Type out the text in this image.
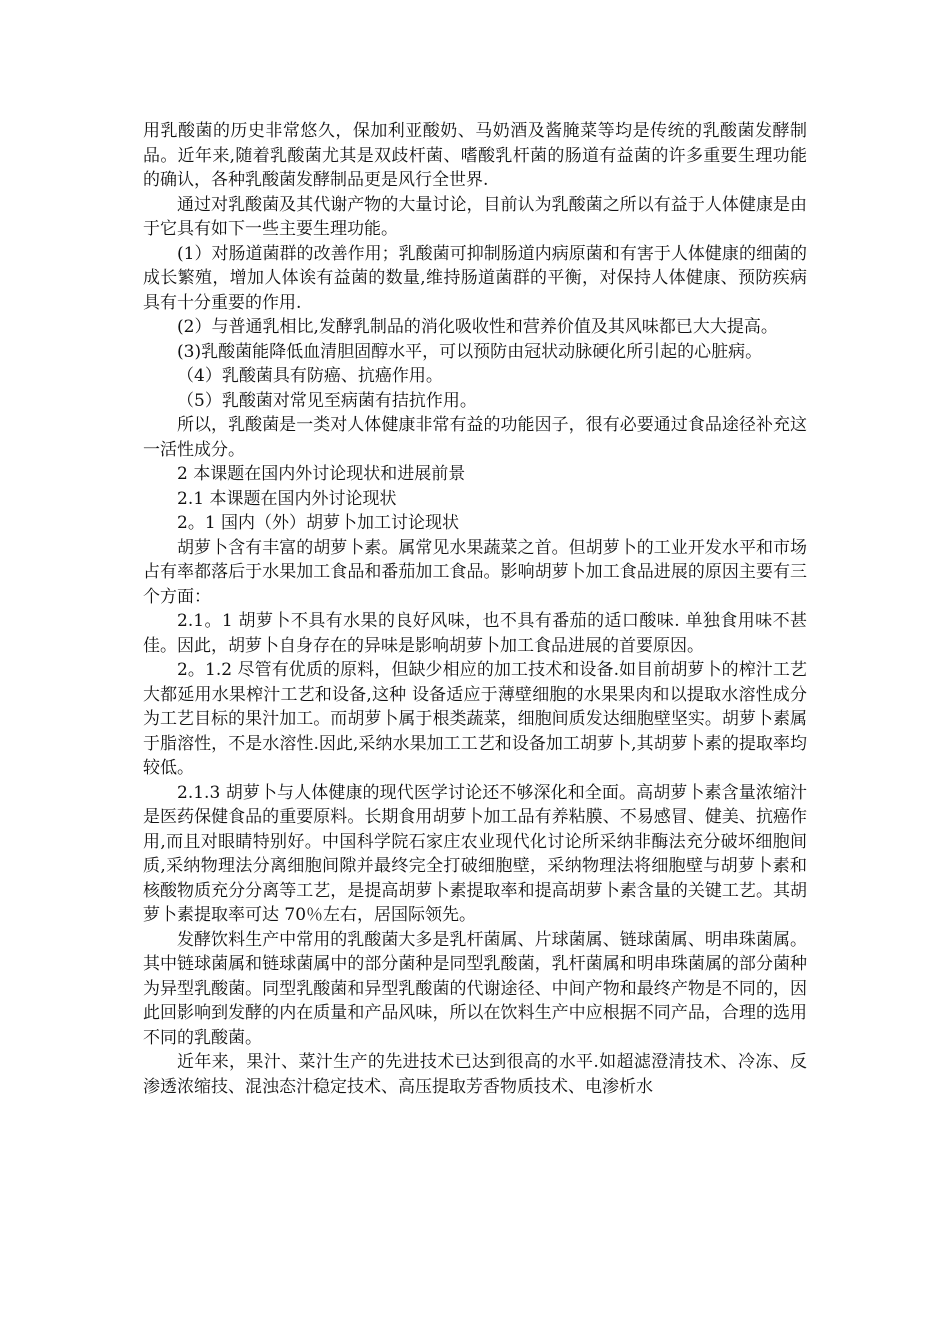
用乳酸菌的历史非常悠久，保加利亚酸奶、马奶酒及酱腌菜等均是传统的乳酸菌发酵制品。近年来,随着乳酸菌尤其是双歧杆菌、嗜酸乳杆菌的肠道有益菌的许多重要生理功能的确认，各种乳酸菌发酵制品更是风行全世界.

通过对乳酸菌及其代谢产物的大量讨论，目前认为乳酸菌之所以有益于人体健康是由于它具有如下一些主要生理功能。

(1）对肠道菌群的改善作用；乳酸菌可抑制肠道内病原菌和有害于人体健康的细菌的成长繁殖，增加人体诶有益菌的数量,维持肠道菌群的平衡，对保持人体健康、预防疾病具有十分重要的作用.

(2）与普通乳相比,发酵乳制品的消化吸收性和营养价值及其风味都已大大提高。

(3)乳酸菌能降低血清胆固醇水平，可以预防由冠状动脉硬化所引起的心脏病。

（4）乳酸菌具有防癌、抗癌作用。

（5）乳酸菌对常见至病菌有拮抗作用。

所以，乳酸菌是一类对人体健康非常有益的功能因子，很有必要通过食品途径补充这一活性成分。

2 本课题在国内外讨论现状和进展前景

2.1 本课题在国内外讨论现状

2。1 国内（外）胡萝卜加工讨论现状

胡萝卜含有丰富的胡萝卜素。属常见水果蔬菜之首。但胡萝卜的工业开发水平和市场占有率都落后于水果加工食品和番茄加工食品。影响胡萝卜加工食品进展的原因主要有三个方面：

2.1。1 胡萝卜不具有水果的良好风味，也不具有番茄的适口酸味. 单独食用味不甚佳。因此，胡萝卜自身存在的异味是影响胡萝卜加工食品进展的首要原因。

2。1.2 尽管有优质的原料，但缺少相应的加工技术和设备.如目前胡萝卜的榨汁工艺大都延用水果榨汁工艺和设备,这种 设备适应于薄壁细胞的水果果肉和以提取水溶性成分为工艺目标的果汁加工。而胡萝卜属于根类蔬菜，细胞间质发达细胞壁坚实。胡萝卜素属于脂溶性，不是水溶性.因此,采纳水果加工工艺和设备加工胡萝卜,其胡萝卜素的提取率均较低。

2.1.3 胡萝卜与人体健康的现代医学讨论还不够深化和全面。高胡萝卜素含量浓缩汁是医药保健食品的重要原料。长期食用胡萝卜加工品有养粘膜、不易感冒、健美、抗癌作用,而且对眼睛特别好。中国科学院石家庄农业现代化讨论所采纳非酶法充分破坏细胞间质,采纳物理法分离细胞间隙并最终完全打破细胞壁，采纳物理法将细胞壁与胡萝卜素和核酸物质充分分离等工艺，是提高胡萝卜素提取率和提高胡萝卜素含量的关键工艺。其胡萝卜素提取率可达 70％左右，居国际领先。

发酵饮料生产中常用的乳酸菌大多是乳杆菌属、片球菌属、链球菌属、明串珠菌属。其中链球菌属和链球菌属中的部分菌种是同型乳酸菌，乳杆菌属和明串珠菌属的部分菌种为异型乳酸菌。同型乳酸菌和异型乳酸菌的代谢途径、中间产物和最终产物是不同的，因此回影响到发酵的内在质量和产品风味，所以在饮料生产中应根据不同产品，合理的选用不同的乳酸菌。

近年来，果汁、菜汁生产的先进技术已达到很高的水平.如超滤澄清技术、冷冻、反渗透浓缩技、混浊态汁稳定技术、高压提取芳香物质技术、电渗析水
